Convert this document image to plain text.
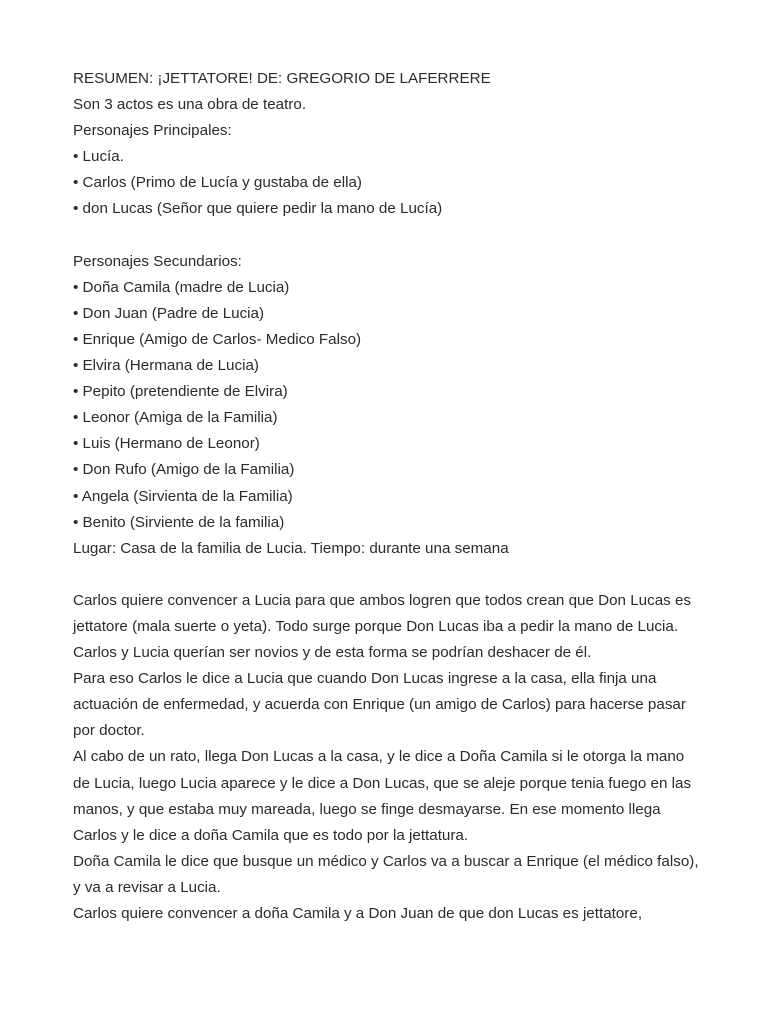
RESUMEN: ¡JETTATORE! DE: GREGORIO DE LAFERRERE
Son 3 actos es una obra de teatro.
Personajes Principales:
• Lucía.
• Carlos (Primo de Lucía y gustaba de ella)
• don Lucas (Señor que quiere pedir la mano de Lucía)
Personajes Secundarios:
• Doña Camila (madre de Lucia)
• Don Juan (Padre de Lucia)
• Enrique (Amigo de Carlos- Medico Falso)
• Elvira (Hermana de Lucia)
• Pepito (pretendiente de Elvira)
• Leonor (Amiga de la Familia)
• Luis (Hermano de Leonor)
• Don Rufo (Amigo de la Familia)
• Angela (Sirvienta de la Familia)
• Benito (Sirviente de la familia)
Lugar: Casa de la familia de Lucia. Tiempo: durante una semana
Carlos quiere convencer a Lucia para que ambos logren que todos crean que Don Lucas es jettatore (mala suerte o yeta). Todo surge porque Don Lucas iba a pedir la mano de Lucia. Carlos y Lucia querían ser novios y de esta forma se podrían deshacer de él.
Para eso Carlos le dice a Lucia que cuando Don Lucas ingrese a la casa, ella finja una actuación de enfermedad, y acuerda con Enrique (un amigo de Carlos) para hacerse pasar por doctor.
Al cabo de un rato, llega Don Lucas a la casa, y le dice a Doña Camila si le otorga la mano de Lucia, luego Lucia aparece y le dice a Don Lucas, que se aleje porque tenia fuego en las manos, y que estaba muy mareada, luego se finge desmayarse. En ese momento llega Carlos y le dice a doña Camila que es todo por la jettatura.
Doña Camila le dice que busque un médico y Carlos va a buscar a Enrique (el médico falso), y va a revisar a Lucia.
Carlos quiere convencer a doña Camila y a Don Juan de que don Lucas es jettatore,
